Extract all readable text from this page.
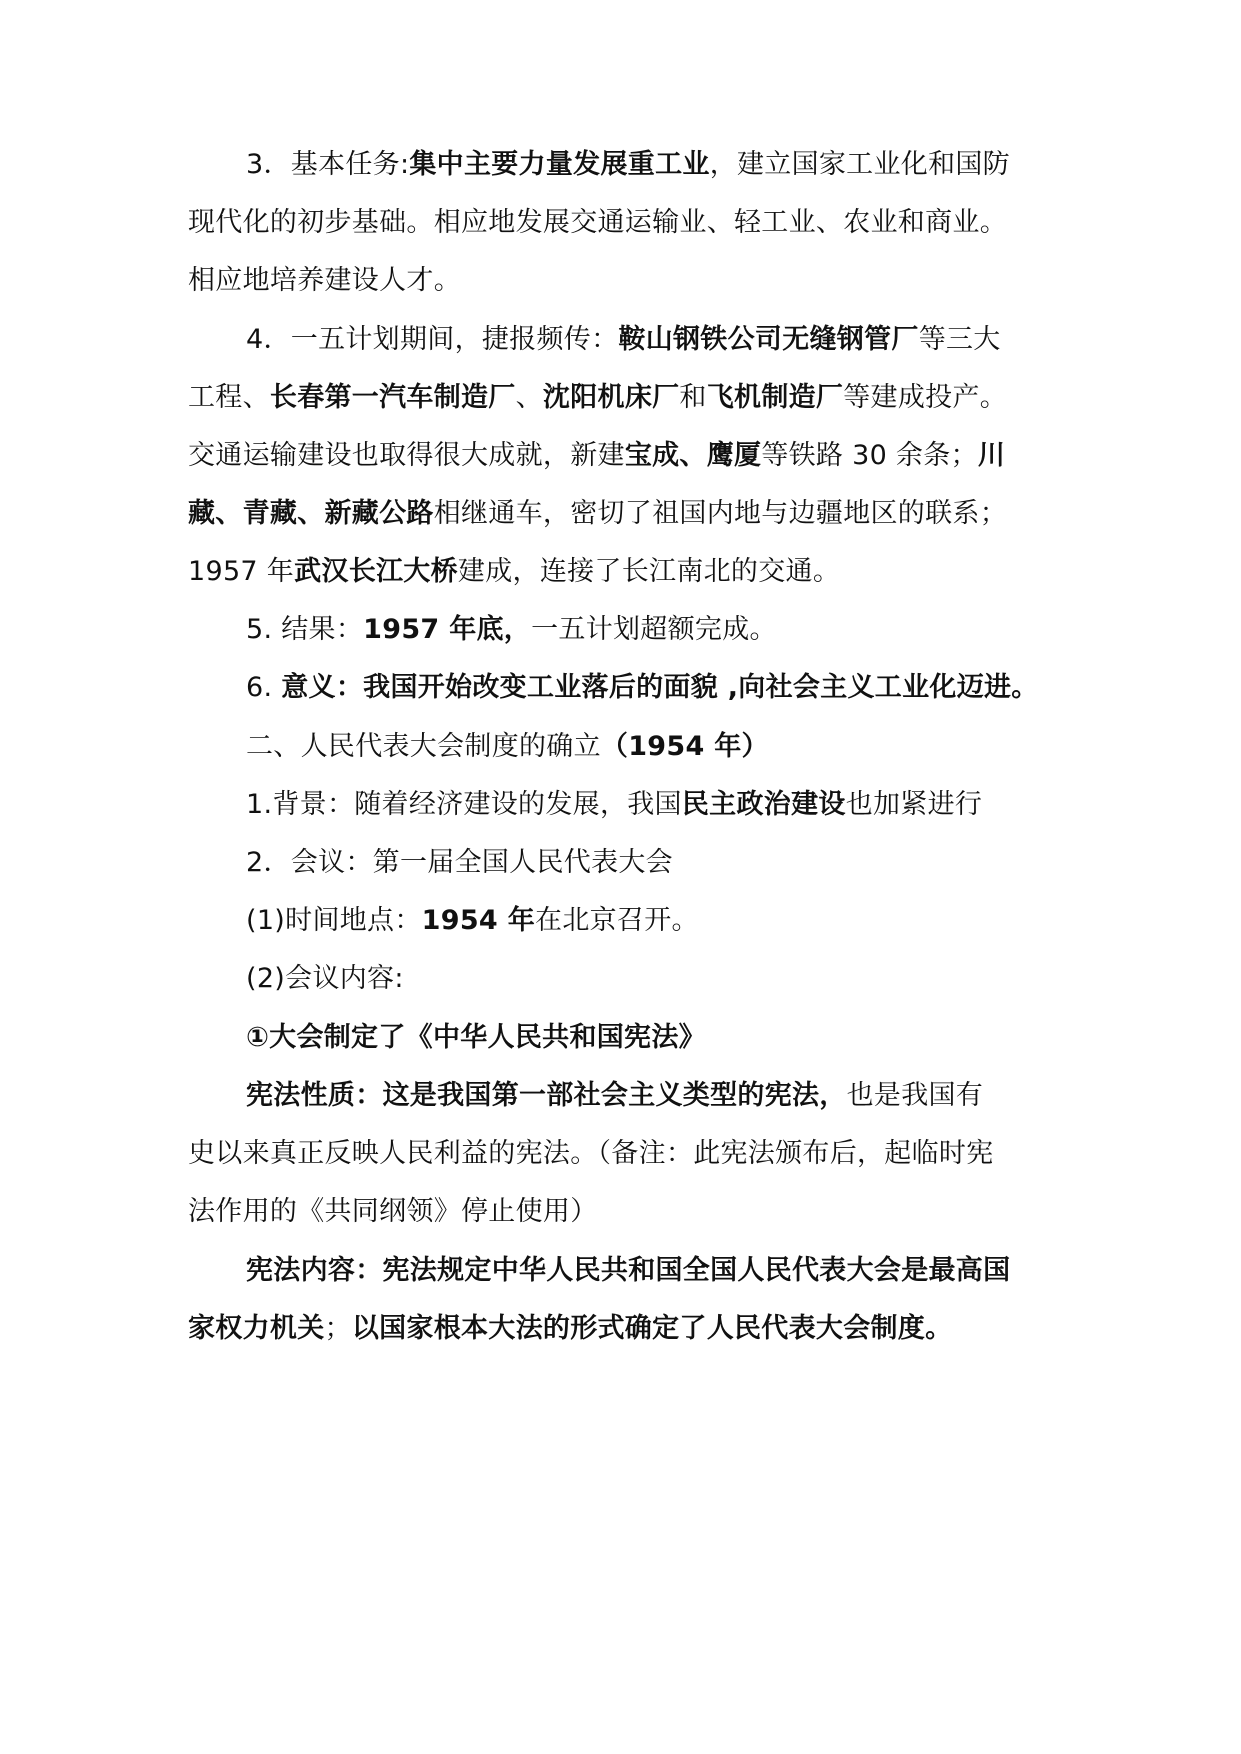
3．基本任务:集中主要力量发展重工业，建立国家工业化和国防
现代化的初步基础。相应地发展交通运输业、轻工业、农业和商业。
相应地培养建设人才。
4．一五计划期间，捷报频传：鞍山钢铁公司无缝钢管厂等三大
工程、长春第一汽车制造厂、沈阳机床厂和飞机制造厂等建成投产。
交通运输建设也取得很大成就，新建宝成、鹰厦等铁路 30 余条；川
藏、青藏、新藏公路相继通车，密切了祖国内地与边疆地区的联系；
1957 年武汉长江大桥建成，连接了长江南北的交通。
5. 结果：1957 年底，一五计划超额完成。
6. 意义：我国开始改变工业落后的面貌 ,向社会主义工业化迈进。
二、人民代表大会制度的确立（1954 年）
1.背景：随着经济建设的发展，我国民主政治建设也加紧进行
2．会议：第一届全国人民代表大会
(1)时间地点：1954 年在北京召开。
(2)会议内容:
①大会制定了《中华人民共和国宪法》
宪法性质：这是我国第一部社会主义类型的宪法，也是我国有
史以来真正反映人民利益的宪法。（备注：此宪法颁布后，起临时宪
法作用的《共同纲领》停止使用）
宪法内容：宪法规定中华人民共和国全国人民代表大会是最高国
家权力机关；以国家根本大法的形式确定了人民代表大会制度。
